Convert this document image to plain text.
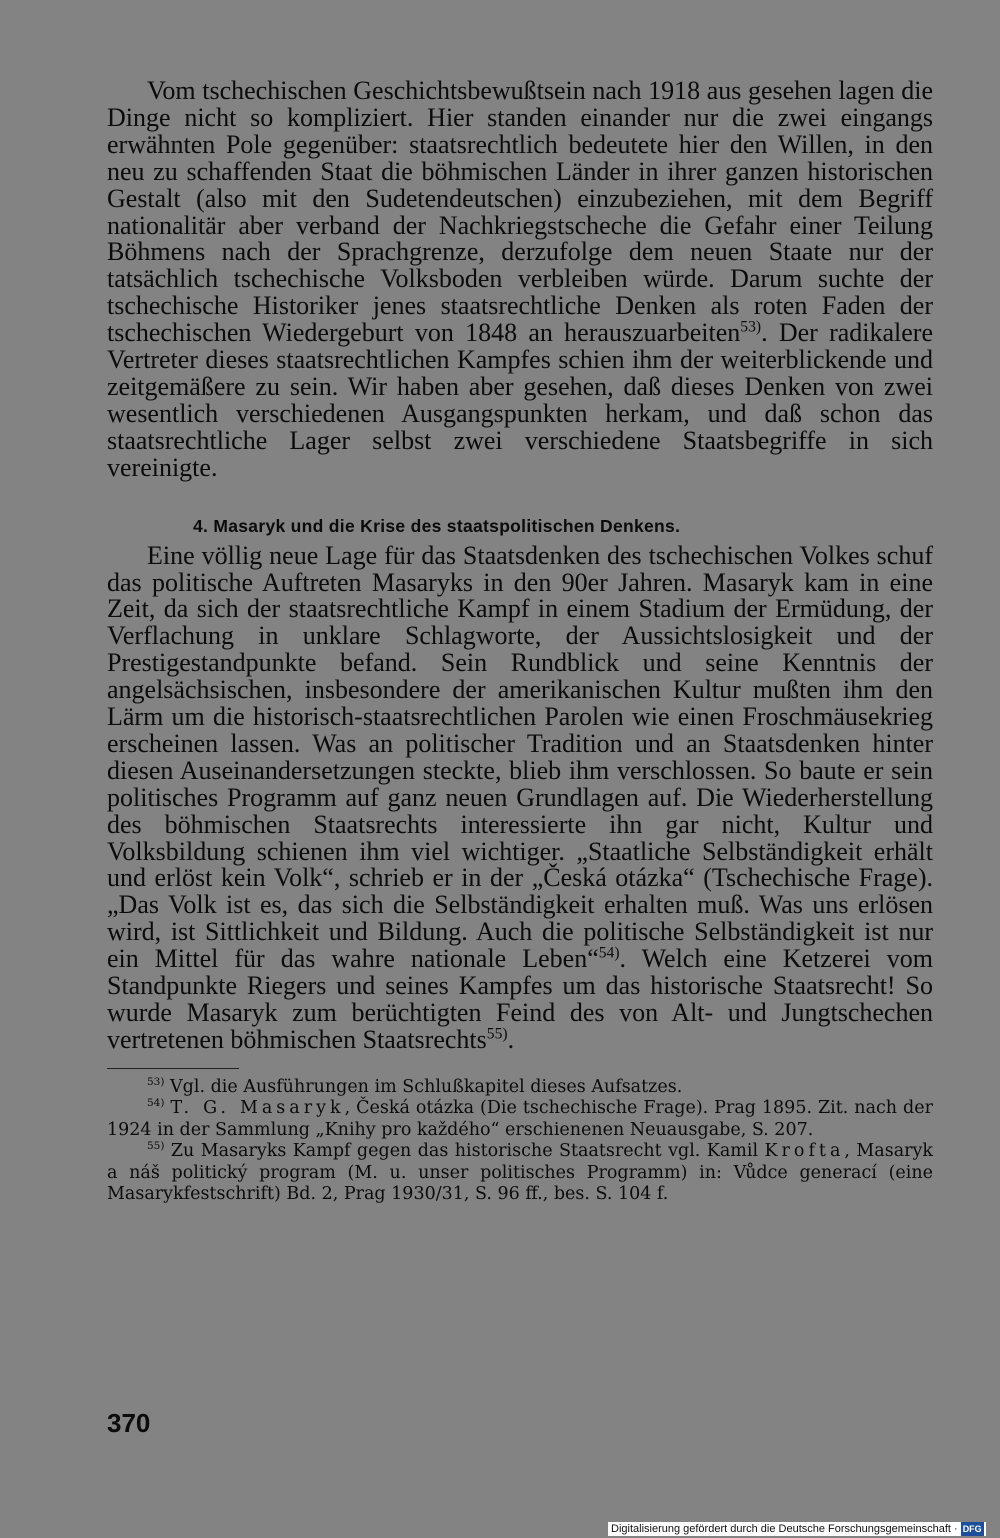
Vom tschechischen Geschichtsbewußtsein nach 1918 aus gesehen lagen die Dinge nicht so kompliziert. Hier standen einander nur die zwei eingangs erwähnten Pole gegenüber: staatsrechtlich bedeutete hier den Willen, in den neu zu schaffenden Staat die böhmischen Länder in ihrer ganzen historischen Gestalt (also mit den Sudetendeutschen) einzubeziehen, mit dem Begriff nationalitär aber verband der Nachkriegstscheche die Gefahr einer Teilung Böhmens nach der Sprachgrenze, derzufolge dem neuen Staate nur der tatsächlich tschechische Volksboden verbleiben würde. Darum suchte der tschechische Historiker jenes staatsrechtliche Denken als roten Faden der tschechischen Wiedergeburt von 1848 an herauszuarbeiten$^{53)}$. Der radikalere Vertreter dieses staatsrechtlichen Kampfes schien ihm der weiterblickende und zeitgemäßere zu sein. Wir haben aber gesehen, daß dieses Denken von zwei wesentlich verschiedenen Ausgangspunkten herkam, und daß schon das staatsrechtliche Lager selbst zwei verschiedene Staatsbegriffe in sich vereinigte.

4. Masaryk und die Krise des staatspolitischen Denkens.

Eine völlig neue Lage für das Staatsdenken des tschechischen Volkes schuf das politische Auftreten Masaryks in den 90er Jahren. Masaryk kam in eine Zeit, da sich der staatsrechtliche Kampf in einem Stadium der Ermüdung, der Verflachung in unklare Schlagworte, der Aussichtslosigkeit und der Prestigestandpunkte befand. Sein Rundblick und seine Kenntnis der angelsächsischen, insbesondere der amerikanischen Kultur mußten ihm den Lärm um die historisch-staatsrechtlichen Parolen wie einen Froschmäusekrieg erscheinen lassen. Was an politischer Tradition und an Staatsdenken hinter diesen Auseinandersetzungen steckte, blieb ihm verschlossen. So baute er sein politisches Programm auf ganz neuen Grundlagen auf. Die Wiederherstellung des böhmischen Staatsrechts interessierte ihn gar nicht, Kultur und Volksbildung schienen ihm viel wichtiger. „Staatliche Selbständigkeit erhält und erlöst kein Volk“, schrieb er in der „Česká otázka“ (Tschechische Frage). „Das Volk ist es, das sich die Selbständigkeit erhalten muß. Was uns erlösen wird, ist Sittlichkeit und Bildung. Auch die politische Selbständigkeit ist nur ein Mittel für das wahre nationale Leben“$^{54)}$. Welch eine Ketzerei vom Standpunkte Riegers und seines Kampfes um das historische Staatsrecht! So wurde Masaryk zum berüchtigten Feind des von Alt- und Jungtschechen vertretenen böhmischen Staatsrechts$^{55)}$.

$^{53)}$ Vgl. die Ausführungen im Schlußkapitel dieses Aufsatzes.

$^{54)}$ T. G. Masaryk, Česká otázka (Die tschechische Frage). Prag 1895. Zit. nach der 1924 in der Sammlung „Knihy pro každého“ erschienenen Neuausgabe, S. 207.

$^{55)}$ Zu Masaryks Kampf gegen das historische Staatsrecht vgl. Kamil Krofta, Masaryk a náš politický program (M. u. unser politisches Programm) in: Vůdce generací (eine Masarykfestschrift) Bd. 2, Prag 1930/31, S. 96 ff., bes. S. 104 f.

370
Digitalisierung gefördert durch die Deutsche Forschungsgemeinschaft · DFG
